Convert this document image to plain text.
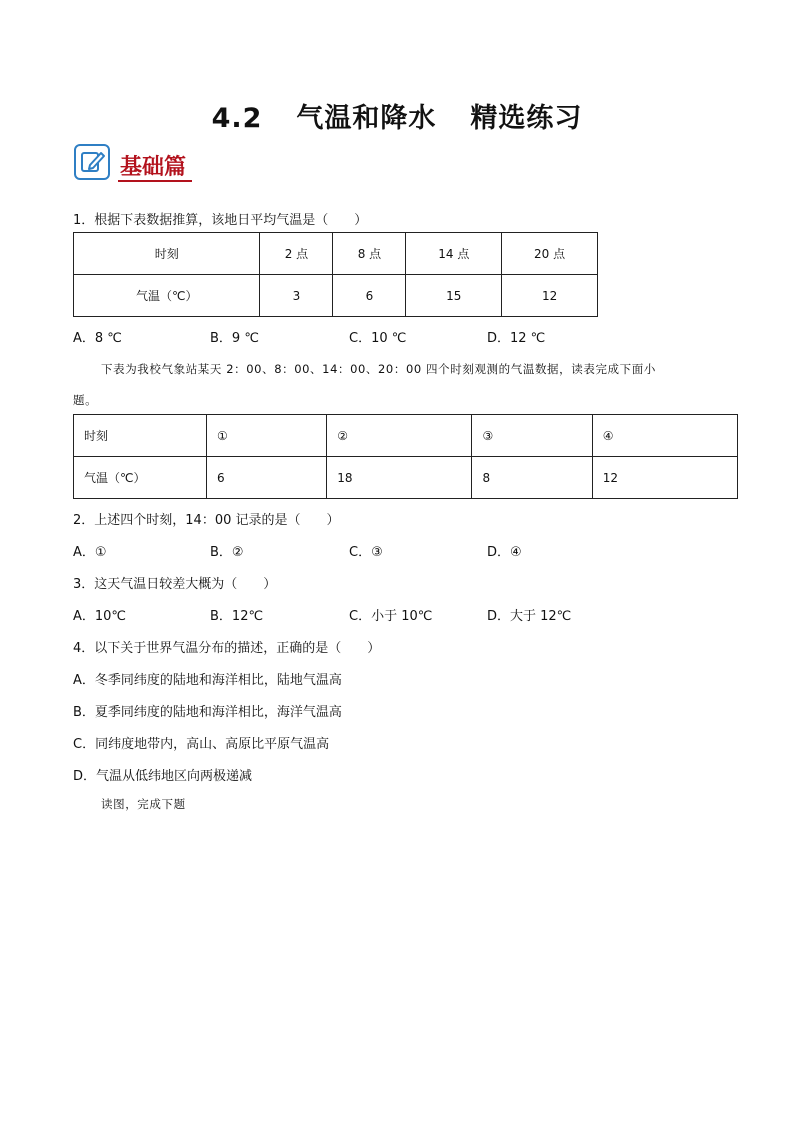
4.2 气温和降水 精选练习
基础篇
1．根据下表数据推算，该地日平均气温是（　　）
时刻	2 点	8 点	14 点	20 点
气温（℃）	3	6	15	12
A．8 ℃	B．9 ℃	C．10 ℃	D．12 ℃
下表为我校气象站某天 2：00、8：00、14：00、20：00 四个时刻观测的气温数据，读表完成下面小
题。
时刻	①	②	③	④
气温（℃）	6	18	8	12
2．上述四个时刻，14：00 记录的是（　　）
A．①	B．②	C．③	D．④
3．这天气温日较差大概为（　　）
A．10℃	B．12℃	C．小于 10℃	D．大于 12℃
4．以下关于世界气温分布的描述，正确的是（　　）
A．冬季同纬度的陆地和海洋相比，陆地气温高
B．夏季同纬度的陆地和海洋相比，海洋气温高
C．同纬度地带内，高山、高原比平原气温高
D．气温从低纬地区向两极递减
读图，完成下题
